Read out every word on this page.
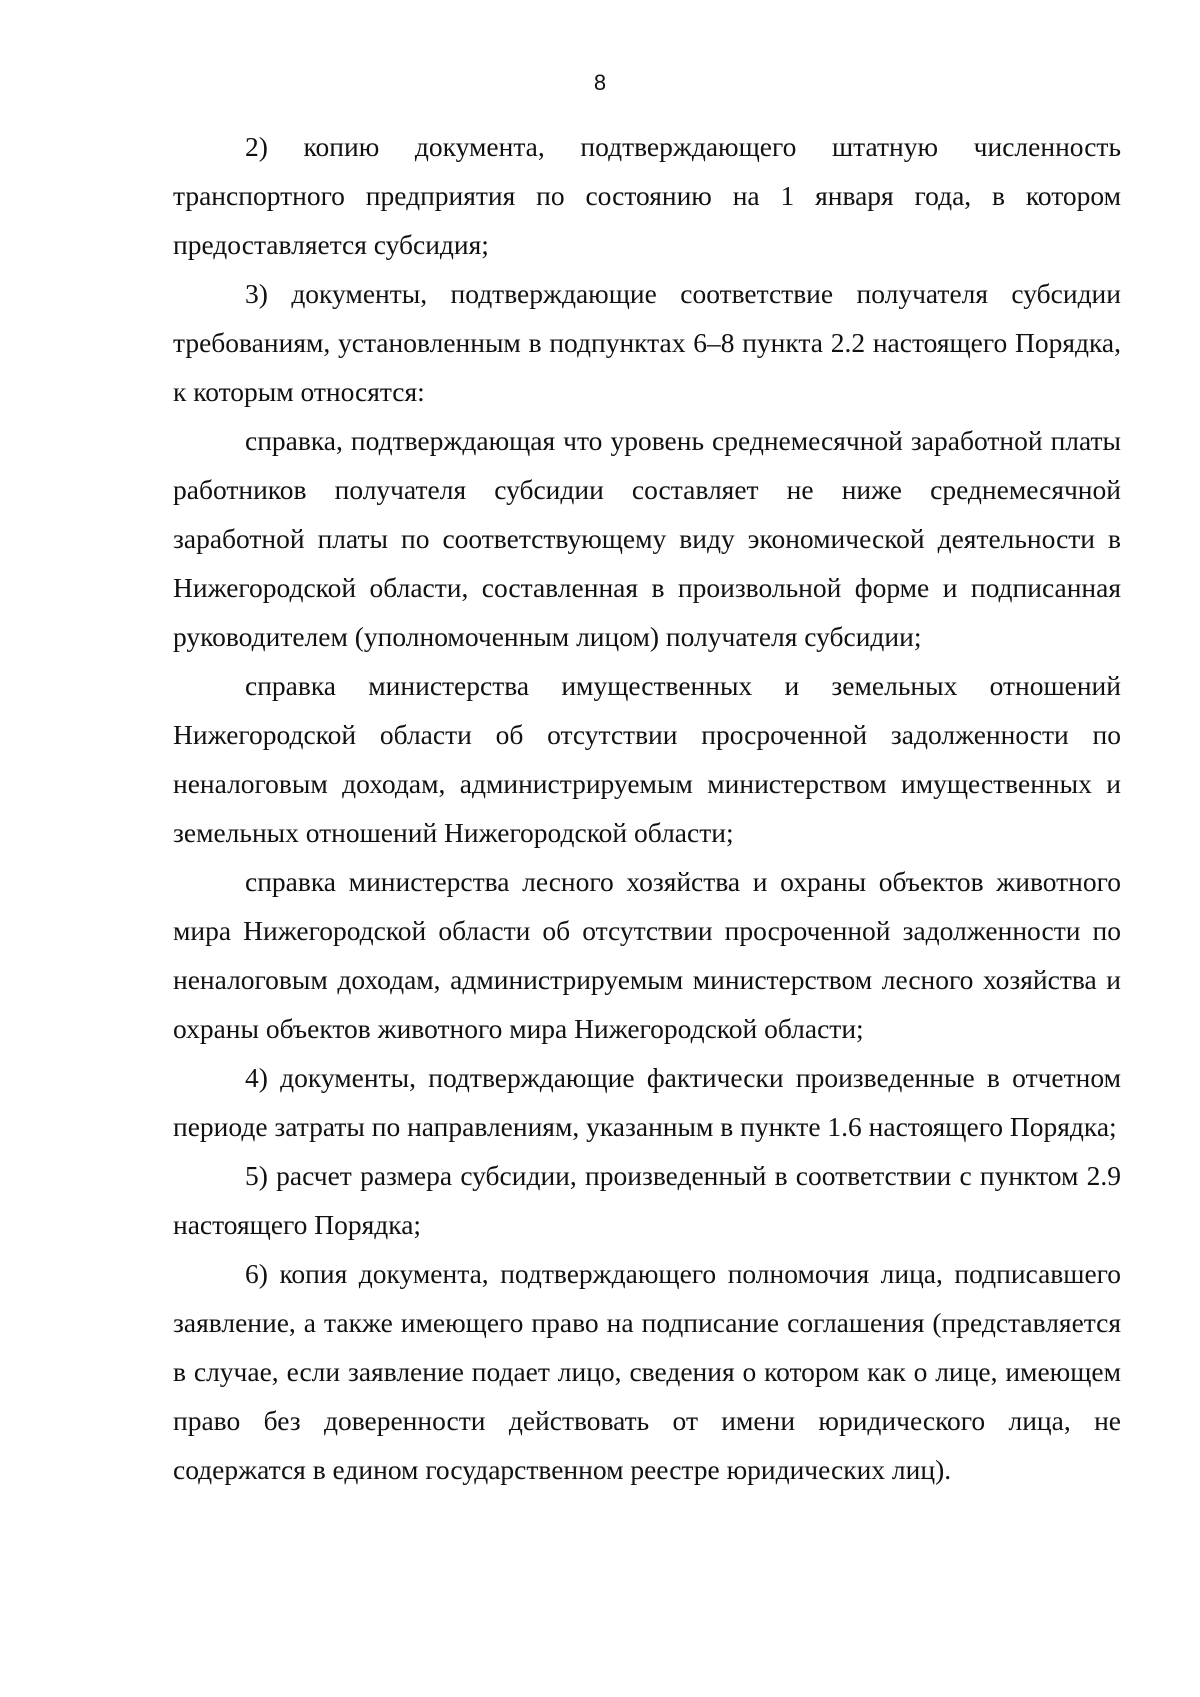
8

2) копию документа, подтверждающего штатную численность транспортного предприятия по состоянию на 1 января года, в котором предоставляется субсидия;

3) документы, подтверждающие соответствие получателя субсидии требованиям, установленным в подпунктах 6–8 пункта 2.2 настоящего Порядка, к которым относятся:

справка, подтверждающая что уровень среднемесячной заработной платы работников получателя субсидии составляет не ниже среднемесячной заработной платы по соответствующему виду экономической деятельности в Нижегородской области, составленная в произвольной форме и подписанная руководителем (уполномоченным лицом) получателя субсидии;

справка министерства имущественных и земельных отношений Нижегородской области об отсутствии просроченной задолженности по неналоговым доходам, администрируемым министерством имущественных и земельных отношений Нижегородской области;

справка министерства лесного хозяйства и охраны объектов животного мира Нижегородской области об отсутствии просроченной задолженности по неналоговым доходам, администрируемым министерством лесного хозяйства и охраны объектов животного мира Нижегородской области;

4) документы, подтверждающие фактически произведенные в отчетном периоде затраты по направлениям, указанным в пункте 1.6 настоящего Порядка;

5) расчет размера субсидии, произведенный в соответствии с пунктом 2.9 настоящего Порядка;

6) копия документа, подтверждающего полномочия лица, подписавшего заявление, а также имеющего право на подписание соглашения (представляется в случае, если заявление подает лицо, сведения о котором как о лице, имеющем право без доверенности действовать от имени юридического лица, не содержатся в едином государственном реестре юридических лиц).
